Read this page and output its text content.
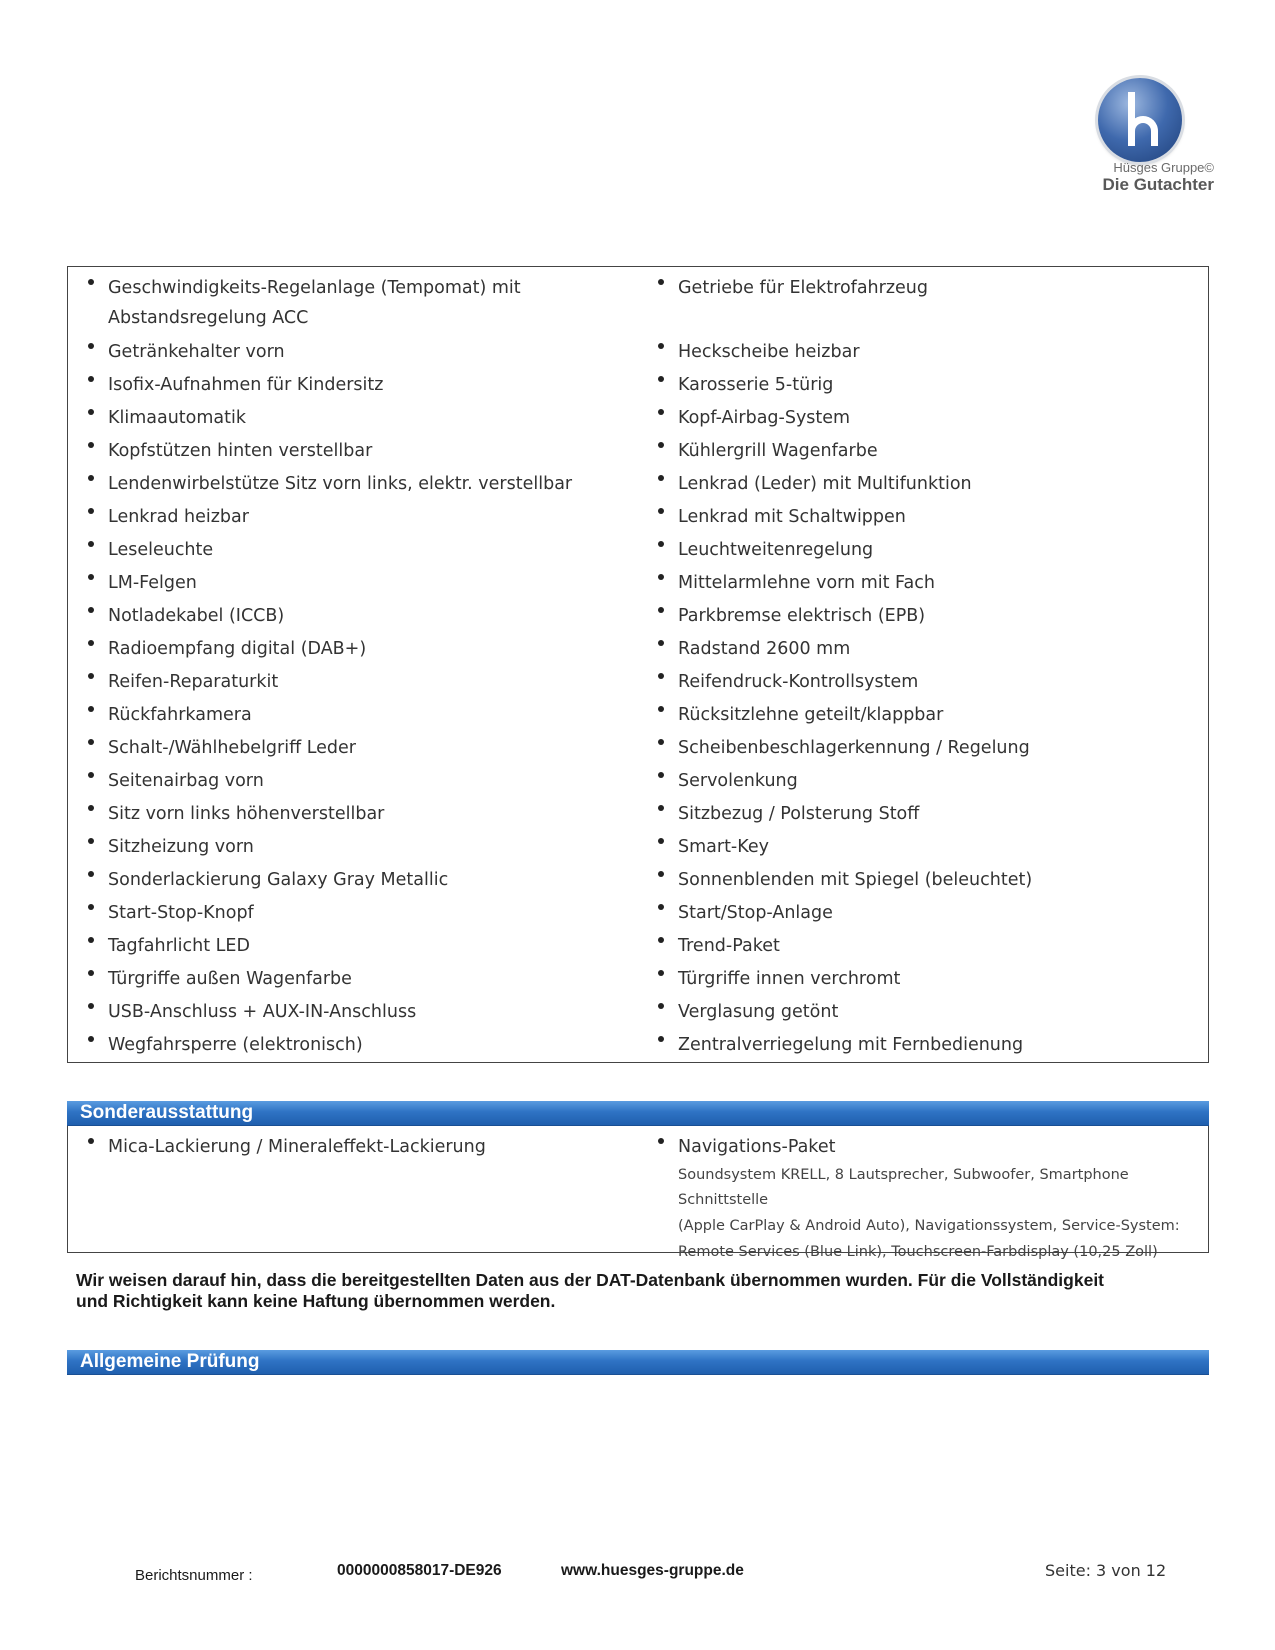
Hüsges Gruppe©
Die Gutachter
Geschwindigkeits-Regelanlage (Tempomat) mit
Abstandsregelung ACC
Getränkehalter vorn
Isofix-Aufnahmen für Kindersitz
Klimaautomatik
Kopfstützen hinten verstellbar
Lendenwirbelstütze Sitz vorn links, elektr. verstellbar
Lenkrad heizbar
Leseleuchte
LM-Felgen
Notladekabel (ICCB)
Radioempfang digital (DAB+)
Reifen-Reparaturkit
Rückfahrkamera
Schalt-/Wählhebelgriff Leder
Seitenairbag vorn
Sitz vorn links höhenverstellbar
Sitzheizung vorn
Sonderlackierung Galaxy Gray Metallic
Start-Stop-Knopf
Tagfahrlicht LED
Türgriffe außen Wagenfarbe
USB-Anschluss + AUX-IN-Anschluss
Wegfahrsperre (elektronisch)
Getriebe für Elektrofahrzeug
Heckscheibe heizbar
Karosserie 5-türig
Kopf-Airbag-System
Kühlergrill Wagenfarbe
Lenkrad (Leder) mit Multifunktion
Lenkrad mit Schaltwippen
Leuchtweitenregelung
Mittelarmlehne vorn mit Fach
Parkbremse elektrisch (EPB)
Radstand 2600 mm
Reifendruck-Kontrollsystem
Rücksitzlehne geteilt/klappbar
Scheibenbeschlagerkennung / Regelung
Servolenkung
Sitzbezug / Polsterung Stoff
Smart-Key
Sonnenblenden mit Spiegel (beleuchtet)
Start/Stop-Anlage
Trend-Paket
Türgriffe innen verchromt
Verglasung getönt
Zentralverriegelung mit Fernbedienung
Sonderausstattung
Mica-Lackierung / Mineraleffekt-Lackierung	Navigations-Paket
Soundsystem KRELL, 8 Lautsprecher, Subwoofer, Smartphone Schnittstelle
(Apple CarPlay & Android Auto), Navigationssystem, Service-System:
Remote Services (Blue Link), Touchscreen-Farbdisplay (10,25 Zoll)
Wir weisen darauf hin, dass die bereitgestellten Daten aus der DAT-Datenbank übernommen wurden. Für die Vollständigkeit
und Richtigkeit kann keine Haftung übernommen werden.
Allgemeine Prüfung
Berichtsnummer :	0000000858017-DE926	www.huesges-gruppe.de	Seite: 3 von 12
